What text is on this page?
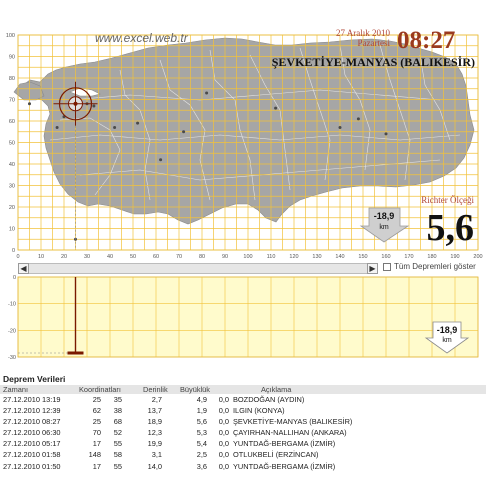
0
10
20
30
40
50
60
70
80
90
100
0	10	20	30	40	50	60	70	80	90	100	110	120	130	140	150	160	170	180	190	200
www.excel.web.tr	27 Aralık 2010
Pazartesi 08:27
ŞEVKETİYE-MANYAS (BALIKESİR)
Richter Ölçeği
5,6
-18,9
km
0
-10
-20
-30
-18,9
km
◀	▶	Tüm Depremleri göster
Deprem Verileri
Zamanı	Koordinatları	Derinlik Büyüklük	Açıklama
27.12.2010 13:19	25	35	2,7	4,9	0,0 BOZDOĞAN (AYDIN)
27.12.2010 12:39	62	38	13,7	1,9	0,0 ILGIN (KONYA)
27.12.2010 08:27	25	68	18,9	5,6	0,0 ŞEVKETİYE-MANYAS (BALIKESİR)
27.12.2010 06:30	70	52	12,3	5,3	0,0 ÇAYIRHAN-NALLIHAN (ANKARA)
27.12.2010 05:17	17	55	19,9	5,4	0,0 YUNTDAĞ-BERGAMA (İZMİR)
27.12.2010 01:58	148	58	3,1	2,5	0,0 OTLUKBELİ (ERZİNCAN)
27.12.2010 01:50	17	55	14,0	3,6	0,0 YUNTDAĞ-BERGAMA (İZMİR)
